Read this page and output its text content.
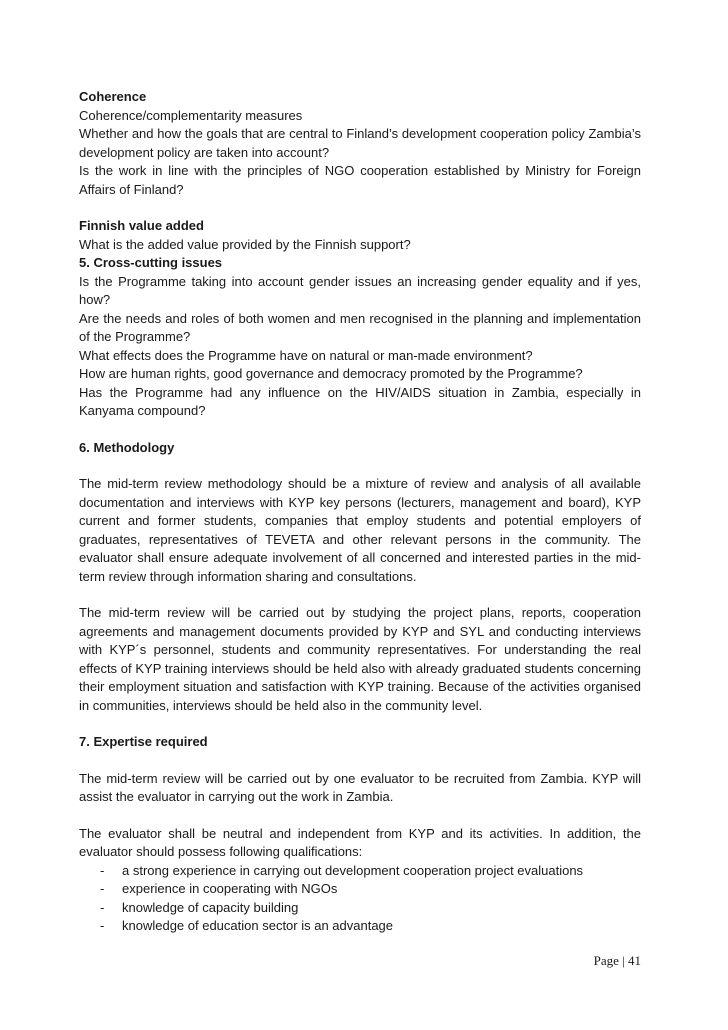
Coherence

Coherence/complementarity measures

Whether and how the goals that are central to Finland’s development cooperation policy Zambia’s development policy are taken into account?

Is the work in line with the principles of NGO cooperation established by Ministry for Foreign Affairs of Finland?

Finnish value added

What is the added value provided by the Finnish support?

5. Cross-cutting issues

Is the Programme taking into account gender issues an increasing gender equality and if yes, how?

Are the needs and roles of both women and men recognised in the planning and implementation of the Programme?

What effects does the Programme have on natural or man-made environment?

How are human rights, good governance and democracy promoted by the Programme?

Has the Programme had any influence on the HIV/AIDS situation in Zambia, especially in Kanyama compound?

6. Methodology

The mid-term review methodology should be a mixture of review and analysis of all available documentation and interviews with KYP key persons (lecturers, management and board), KYP current and former students, companies that employ students and potential employers of graduates, representatives of TEVETA and other relevant persons in the community. The evaluator shall ensure adequate involvement of all concerned and interested parties in the mid-term review through information sharing and consultations.

The mid-term review will be carried out by studying the project plans, reports, cooperation agreements and management documents provided by KYP and SYL and conducting interviews with KYP´s personnel, students and community representatives. For understanding the real effects of KYP training interviews should be held also with already graduated students concerning their employment situation and satisfaction with KYP training. Because of the activities organised in communities, interviews should be held also in the community level.

7. Expertise required

The mid-term review will be carried out by one evaluator to be recruited from Zambia. KYP will assist the evaluator in carrying out the work in Zambia.

The evaluator shall be neutral and independent from KYP and its activities. In addition, the evaluator should possess following qualifications:

-	a strong experience in carrying out development cooperation project evaluations
-	experience in cooperating with NGOs
-	knowledge of capacity building
-	knowledge of education sector is an advantage
Page | 41
